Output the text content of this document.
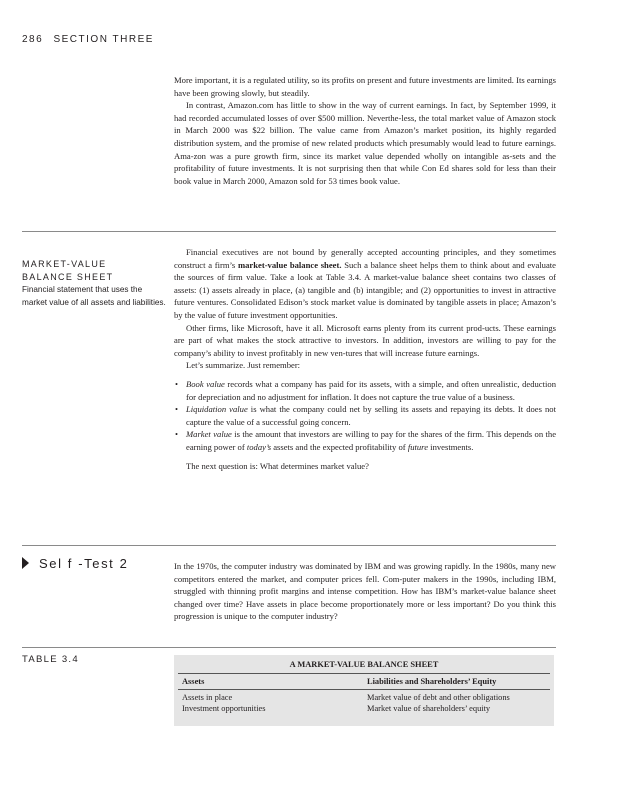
286 SECTION THREE

More important, it is a regulated utility, so its profits on present and future investments are limited. Its earnings have been growing slowly, but steadily.

In contrast, Amazon.com has little to show in the way of current earnings. In fact, by September 1999, it had recorded accumulated losses of over $500 million. Neverthe-less, the total market value of Amazon stock in March 2000 was $22 billion. The value came from Amazon’s market position, its highly regarded distribution system, and the promise of new related products which presumably would lead to future earnings. Ama-zon was a pure growth firm, since its market value depended wholly on intangible as-sets and the profitability of future investments. It is not surprising then that while Con Ed shares sold for less than their book value in March 2000, Amazon sold for 53 times book value.

MARKET-VALUE
BALANCE SHEET
Financial statement that uses the market value of all assets and liabilities.

Financial executives are not bound by generally accepted accounting principles, and they sometimes construct a firm’s market-value balance sheet. Such a balance sheet helps them to think about and evaluate the sources of firm value. Take a look at Table 3.4. A market-value balance sheet contains two classes of assets: (1) assets already in place, (a) tangible and (b) intangible; and (2) opportunities to invest in attractive future ventures. Consolidated Edison’s stock market value is dominated by tangible assets in place; Amazon’s by the value of future investment opportunities.

Other firms, like Microsoft, have it all. Microsoft earns plenty from its current prod-ucts. These earnings are part of what makes the stock attractive to investors. In addition, investors are willing to pay for the company’s ability to invest profitably in new ven-tures that will increase future earnings.

Let’s summarize. Just remember:

• Book value records what a company has paid for its assets, with a simple, and often unrealistic, deduction for depreciation and no adjustment for inflation. It does not capture the true value of a business.
• Liquidation value is what the company could net by selling its assets and repaying its debts. It does not capture the value of a successful going concern.
• Market value is the amount that investors are willing to pay for the shares of the firm. This depends on the earning power of today’s assets and the expected profitability of future investments.

The next question is: What determines market value?

Sel f -Test 2	In the 1970s, the computer industry was dominated by IBM and was growing rapidly. In the 1980s, many new competitors entered the market, and computer prices fell. Com-puter makers in the 1990s, including IBM, struggled with thinning profit margins and intense competition. How has IBM’s market-value balance sheet changed over time? Have assets in place become proportionately more or less important? Do you think this progression is unique to the computer industry?

TABLE 3.4	A MARKET-VALUE BALANCE SHEET
Assets	Liabilities and Shareholders’ Equity
Assets in place	Market value of debt and other obligations
Investment opportunities	Market value of shareholders’ equity
